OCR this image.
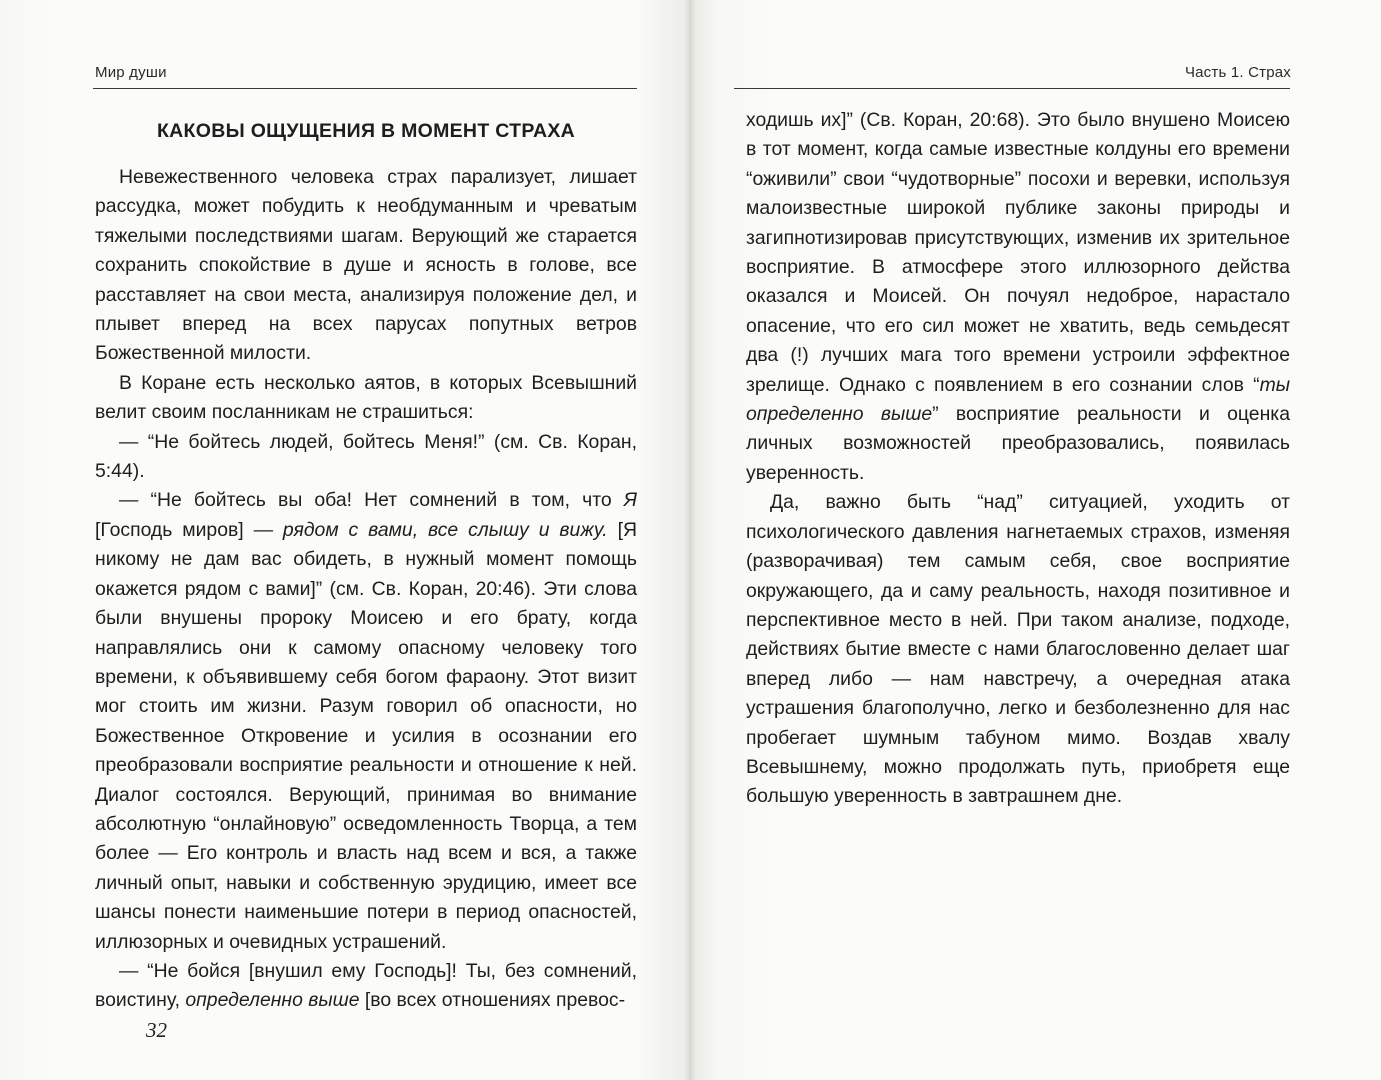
Мир души
КАКОВЫ ОЩУЩЕНИЯ В МОМЕНТ СТРАХА

Невежественного человека страх парализует, лишает рассудка, может побудить к необдуманным и чреватым тяжелыми последствиями шагам. Верующий же старается сохранить спокойствие в душе и ясность в голове, все расставляет на свои места, анализируя положение дел, и плывет вперед на всех парусах попутных ветров Божественной милости.

В Коране есть несколько аятов, в которых Всевышний велит своим посланникам не страшиться:

— “Не бойтесь людей, бойтесь Меня!” (см. Св. Коран, 5:44).

— “Не бойтесь вы оба! Нет сомнений в том, что Я [Господь миров] — рядом с вами, все слышу и вижу. [Я никому не дам вас обидеть, в нужный момент помощь окажется рядом с вами]” (см. Св. Коран, 20:46). Эти слова были внушены пророку Моисею и его брату, когда направлялись они к самому опасному человеку того времени, к объявившему себя богом фараону. Этот визит мог стоить им жизни. Разум говорил об опасности, но Божественное Откровение и усилия в осознании его преобразовали восприятие реальности и отношение к ней. Диалог состоялся. Верующий, принимая во внимание абсолютную “онлайновую” осведомленность Творца, а тем более — Его контроль и власть над всем и вся, а также личный опыт, навыки и собственную эрудицию, имеет все шансы понести наименьшие потери в период опасностей, иллюзорных и очевидных устрашений.

— “Не бойся [внушил ему Господь]! Ты, без сомнений, воистину, определенно выше [во всех отношениях превос-

32
Часть 1. Страх

ходишь их]” (Св. Коран, 20:68). Это было внушено Моисею в тот момент, когда самые известные колдуны его времени “оживили” свои “чудотворные” посохи и веревки, используя малоизвестные широкой публике законы природы и загипнотизировав присутствующих, изменив их зрительное восприятие. В атмосфере этого иллюзорного действа оказался и Моисей. Он почуял недоброе, нарастало опасение, что его сил может не хватить, ведь семьдесят два (!) лучших мага того времени устроили эффектное зрелище. Однако с появлением в его сознании слов “ты определенно выше” восприятие реальности и оценка личных возможностей преобразовались, появилась уверенность.

Да, важно быть “над” ситуацией, уходить от психологического давления нагнетаемых страхов, изменяя (разворачивая) тем самым себя, свое восприятие окружающего, да и саму реальность, находя позитивное и перспективное место в ней. При таком анализе, подходе, действиях бытие вместе с нами благословенно делает шаг вперед либо — нам навстречу, а очередная атака устрашения благополучно, легко и безболезненно для нас пробегает шумным табуном мимо. Воздав хвалу Всевышнему, можно продолжать путь, приобретя еще большую уверенность в завтрашнем дне.
